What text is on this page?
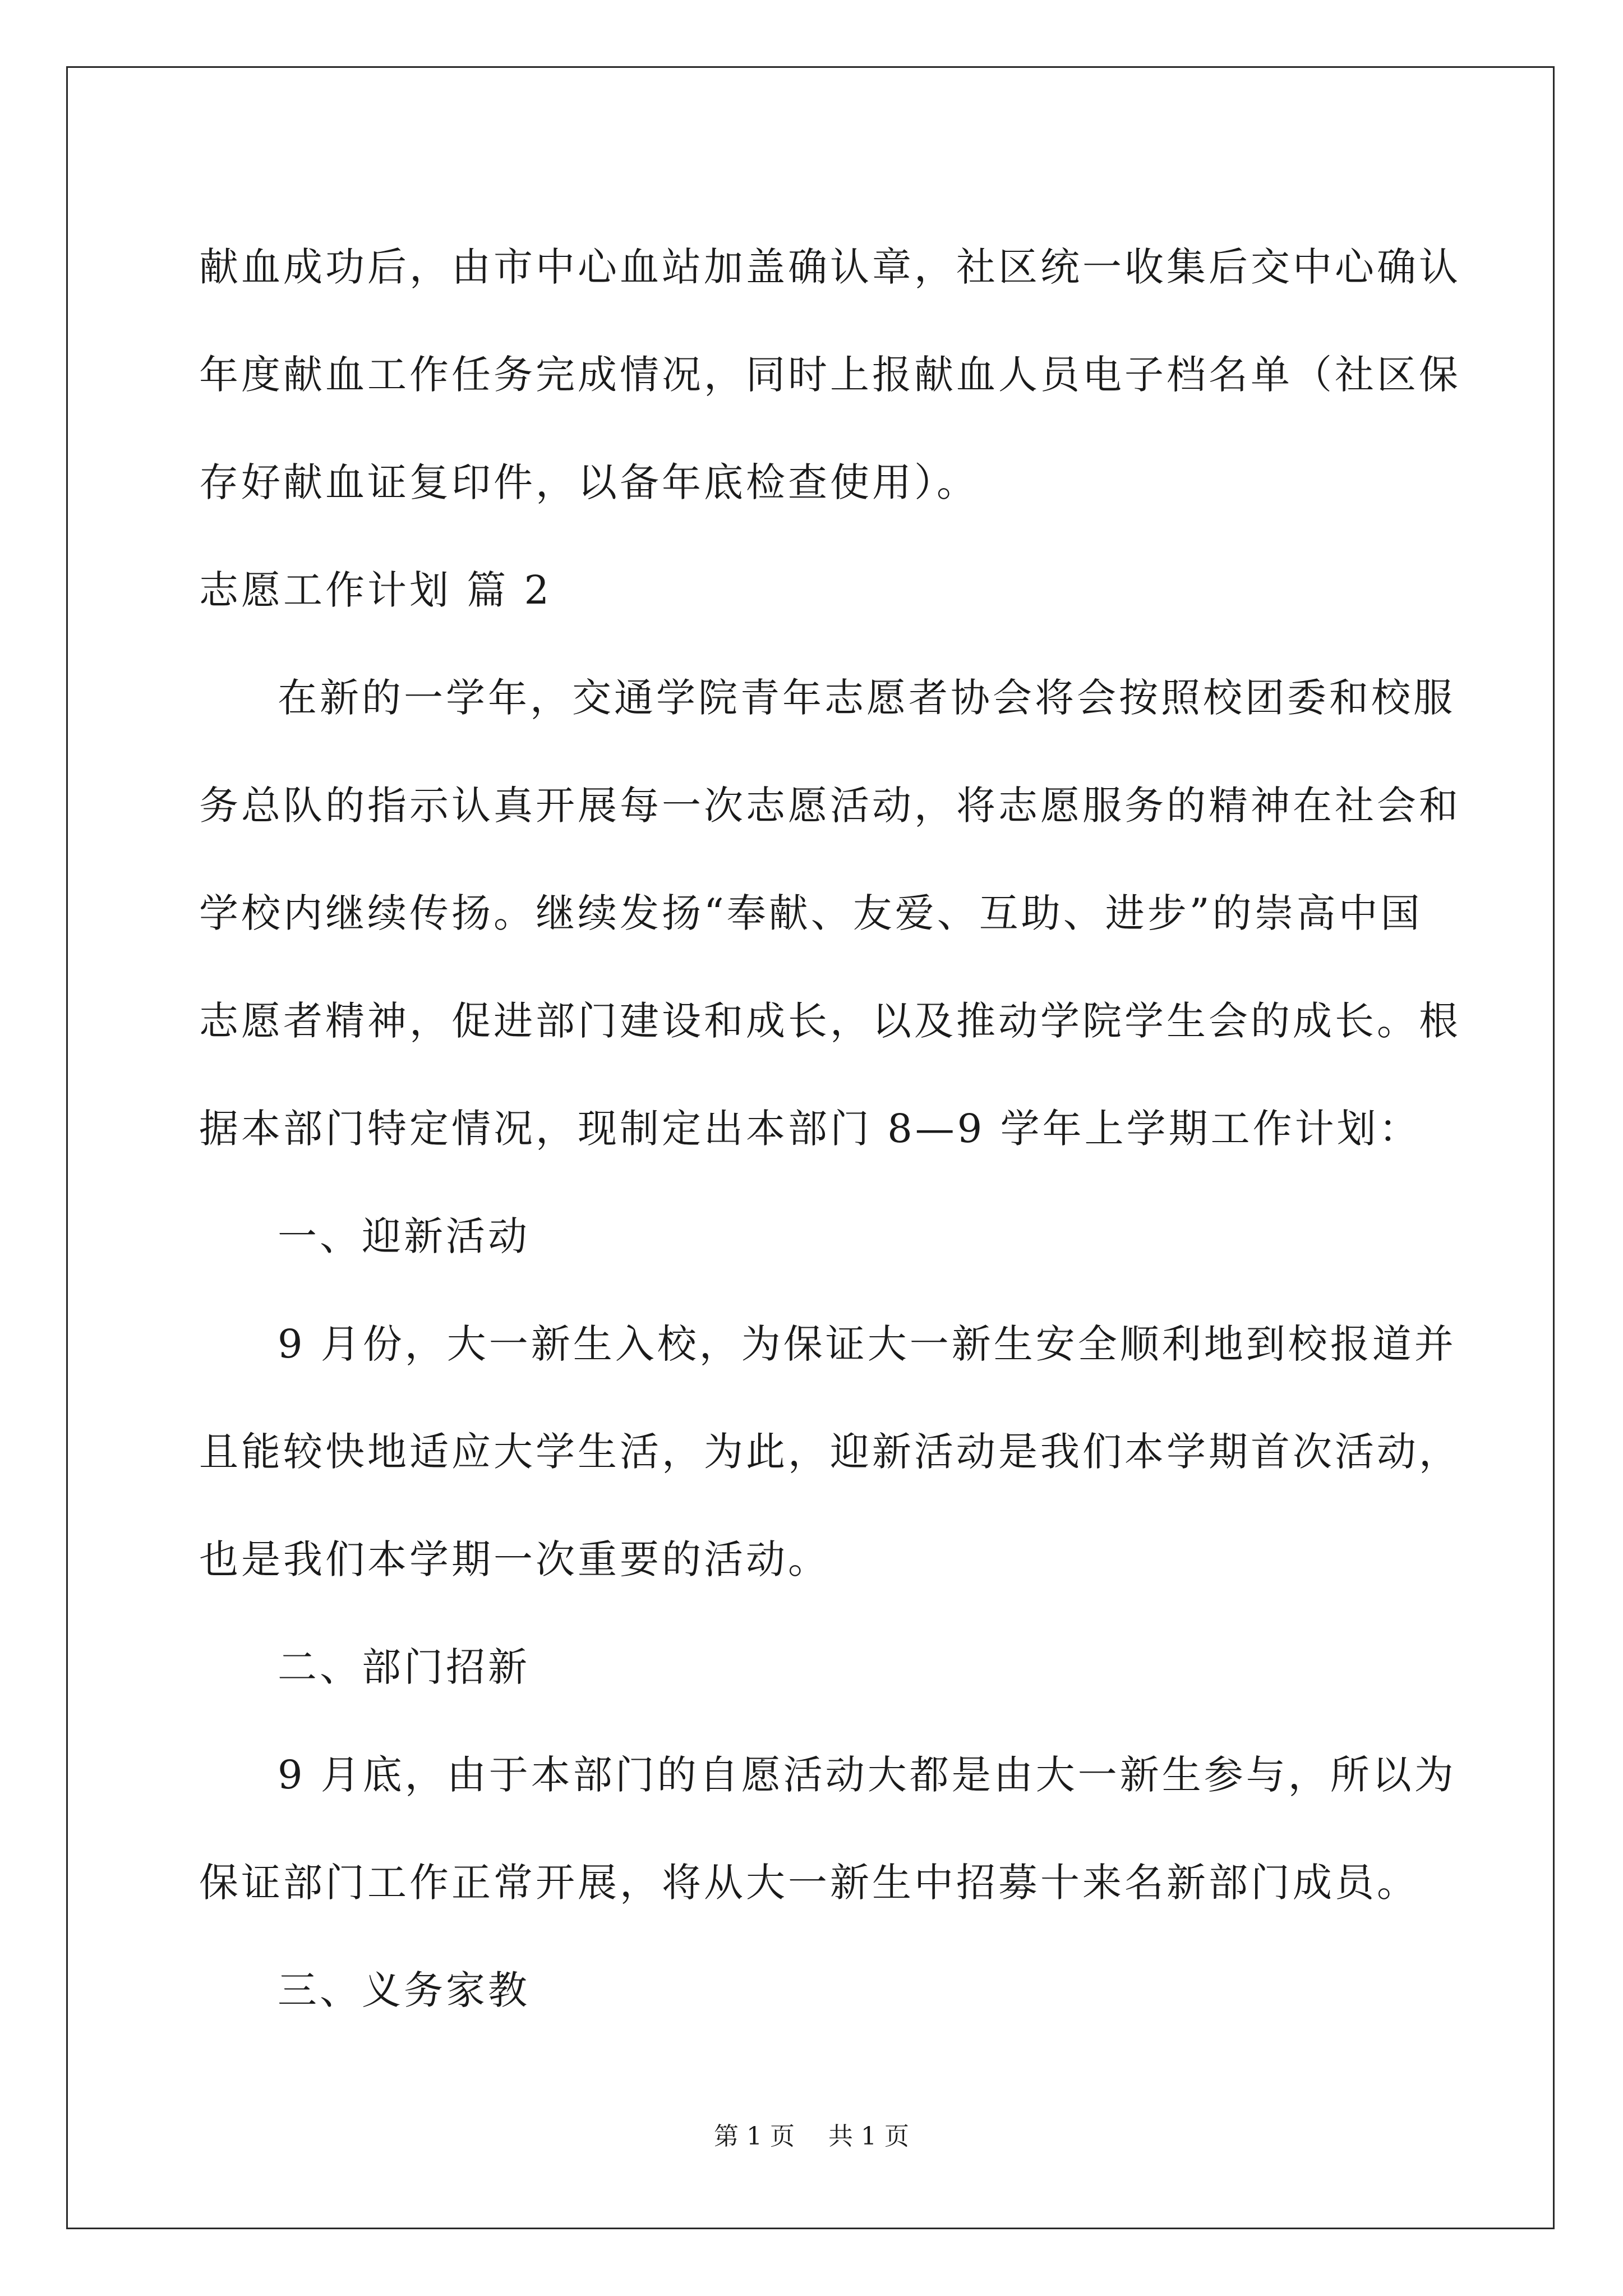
献血成功后，由市中心血站加盖确认章，社区统一收集后交中心确认
年度献血工作任务完成情况，同时上报献血人员电子档名单（社区保
存好献血证复印件，以备年底检查使用）。
志愿工作计划 篇 2
在新的一学年，交通学院青年志愿者协会将会按照校团委和校服
务总队的指示认真开展每一次志愿活动，将志愿服务的精神在社会和
学校内继续传扬。继续发扬“奉献、友爱、互助、进步”的崇高中国
志愿者精神，促进部门建设和成长，以及推动学院学生会的成长。根
据本部门特定情况，现制定出本部门 8—9 学年上学期工作计划：
一、迎新活动
9 月份，大一新生入校，为保证大一新生安全顺利地到校报道并
且能较快地适应大学生活，为此，迎新活动是我们本学期首次活动，
也是我们本学期一次重要的活动。
二、部门招新
9 月底，由于本部门的自愿活动大都是由大一新生参与，所以为
保证部门工作正常开展，将从大一新生中招募十来名新部门成员。
三、义务家教
第 1 页 共 1 页
